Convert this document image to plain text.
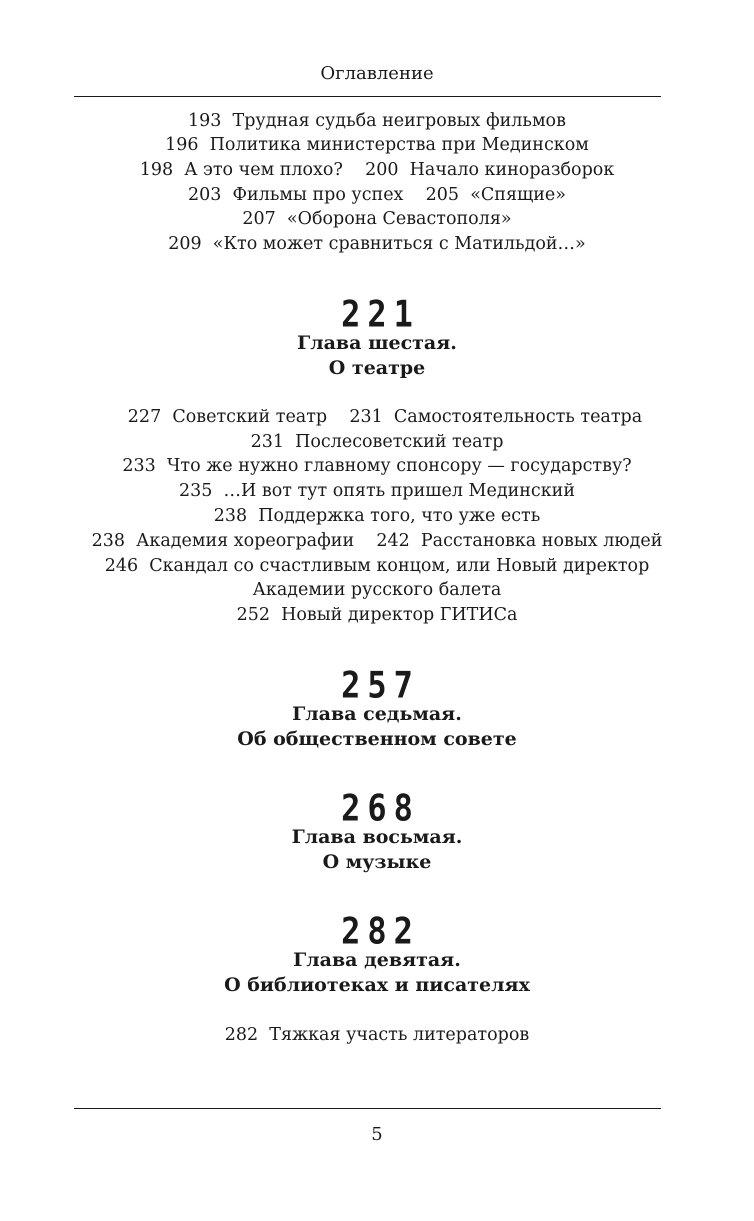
Оглавление
193  Трудная судьба неигровых фильмов
196  Политика министерства при Мединском
198  А это чем плохо?    200  Начало киноразборок
203  Фильмы про успех    205  «Спящие»
207  «Оборона Севастополя»
209  «Кто может сравниться с Матильдой…»
221
Глава шестая.
О театре
227  Советский театр    231  Самостоятельность театра
231  Послесоветский театр
233  Что же нужно главному спонсору — государству?
235  …И вот тут опять пришел Мединский
238  Поддержка того, что уже есть
238  Академия хореографии    242  Расстановка новых людей
246  Скандал со счастливым концом, или Новый директор
Академии русского балета
252  Новый директор ГИТИСа
257
Глава седьмая.
Об общественном совете
268
Глава восьмая.
О музыке
282
Глава девятая.
О библиотеках и писателях
282  Тяжкая участь литераторов
5
